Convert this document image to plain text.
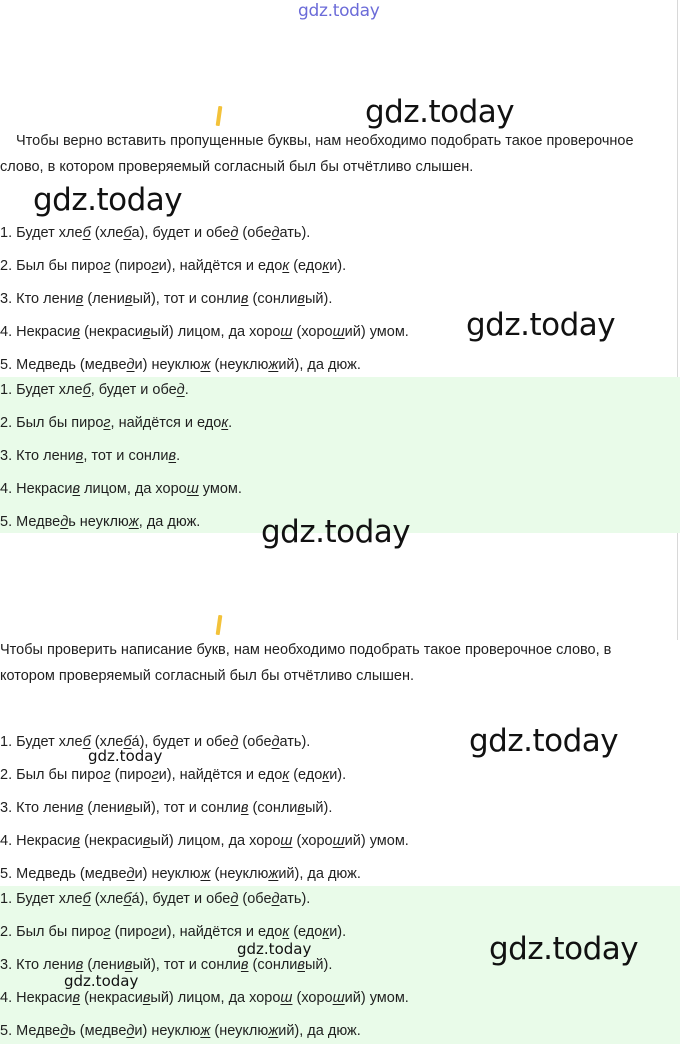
Чтобы верно вставить пропущенные буквы, нам необходимо подобрать такое проверочное слово, в котором проверяемый согласный был бы отчётливо слышен.
1. Будет хлеб (хлеба), будет и обед (обедать).
2. Был бы пирог (пироги), найдётся и едок (едоки).
3. Кто ленив (ленивый), тот и сонлив (сонливый).
4. Некрасив (некрасивый) лицом, да хорош (хороший) умом.
5. Медведь (медведи) неуклюж (неуклюжий), да дюж.
1. Будет хлеб, будет и обед.
2. Был бы пирог, найдётся и едок.
3. Кто ленив, тот и сонлив.
4. Некрасив лицом, да хорош умом.
5. Медведь неуклюж, да дюж.
Чтобы проверить написание букв, нам необходимо подобрать такое проверочное слово, в котором проверяемый согласный был бы отчётливо слышен.
1. Будет хлеб (хлеба́), будет и обед (обедать).
2. Был бы пирог (пироги), найдётся и едок (едоки).
3. Кто ленив (ленивый), тот и сонлив (сонливый).
4. Некрасив (некрасивый) лицом, да хорош (хороший) умом.
5. Медведь (медведи) неуклюж (неуклюжий), да дюж.
1. Будет хлеб (хлеба́), будет и обед (обедать).
2. Был бы пирог (пироги), найдётся и едок (едоки).
3. Кто ленив (ленивый), тот и сонлив (сонливый).
4. Некрасив (некрасивый) лицом, да хорош (хороший) умом.
5. Медведь (медведи) неуклюж (неуклюжий), да дюж.
gdz.today
gdz.today
gdz.today
gdz.today
gdz.today
gdz.today
gdz.today
gdz.today
gdz.today
gdz.today
